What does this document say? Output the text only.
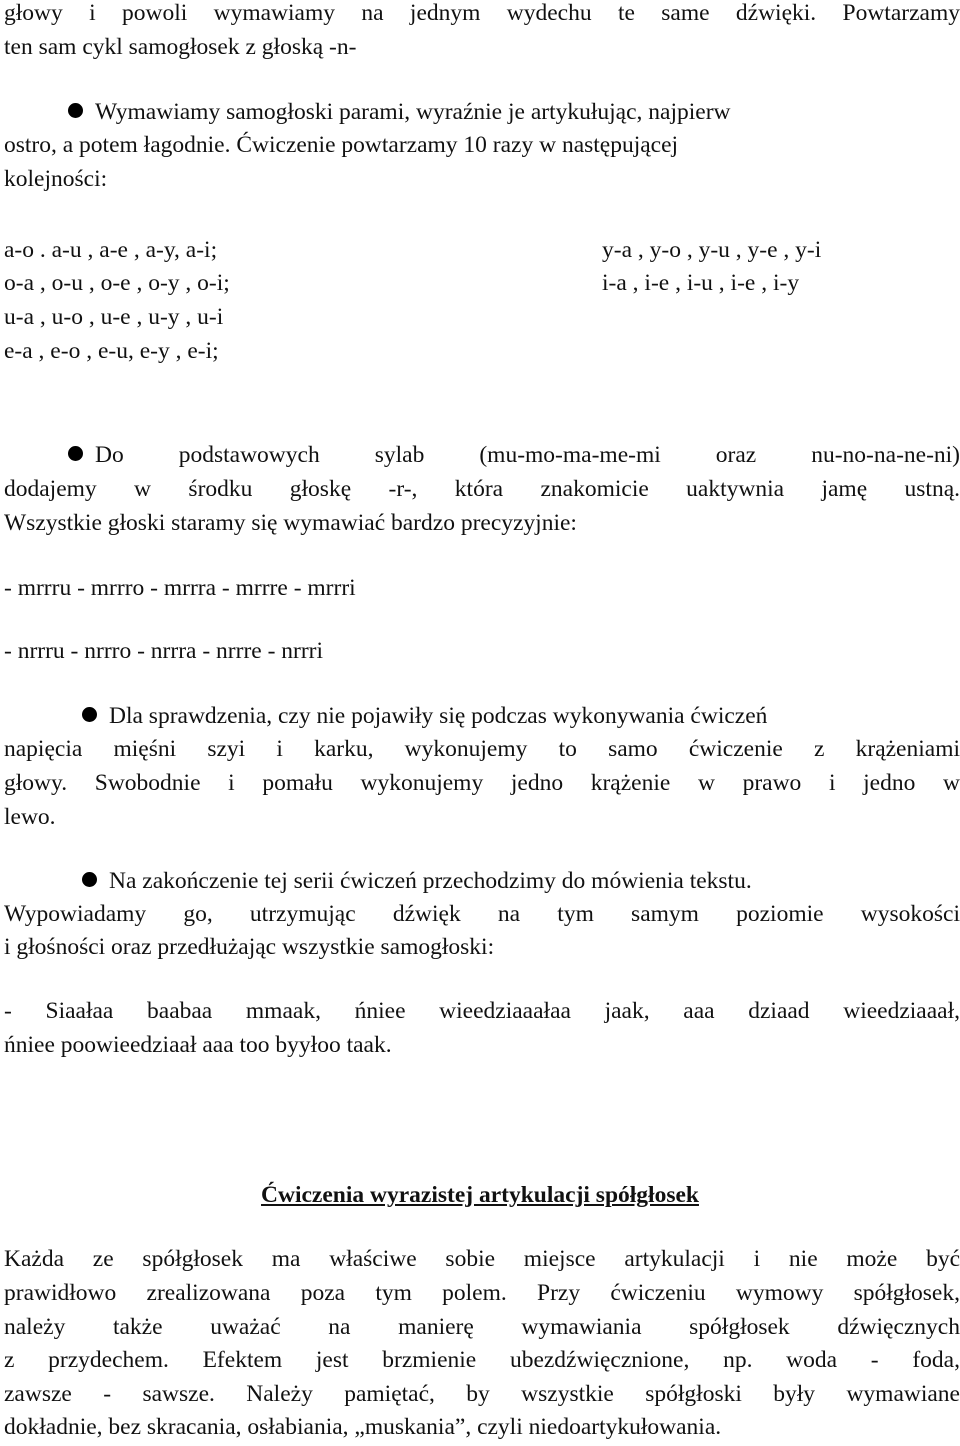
głowy i powoli wymawiamy na jednym wydechu te same dźwięki. Powtarzamy
ten sam cykl samogłosek z głoską -n-
Wymawiamy samogłoski parami, wyraźnie je artykułując, najpierw
ostro, a potem łagodnie. Ćwiczenie powtarzamy 10 razy w następującej
kolejności:
a-o . a-u , a-e , a-y, a-i;
o-a , o-u , o-e , o-y , o-i;
u-a , u-o , u-e , u-y , u-i
e-a , e-o , e-u, e-y , e-i;
y-a , y-o , y-u , y-e , y-i
i-a , i-e , i-u , i-e , i-y
Do podstawowych sylab (mu-mo-ma-me-mi oraz nu-no-na-ne-ni)
dodajemy w środku głoskę -r-, która znakomicie uaktywnia jamę ustną.
Wszystkie głoski staramy się wymawiać bardzo precyzyjnie:
- mrrru - mrrro - mrrra - mrrre - mrrri
- nrrru - nrrro - nrrra - nrrre - nrrri
Dla sprawdzenia, czy nie pojawiły się podczas wykonywania ćwiczeń
napięcia mięśni szyi i karku, wykonujemy to samo ćwiczenie z krążeniami
głowy. Swobodnie i pomału wykonujemy jedno krążenie w prawo i jedno w
lewo.
Na zakończenie tej serii ćwiczeń przechodzimy do mówienia tekstu.
Wypowiadamy go, utrzymując dźwięk na tym samym poziomie wysokości
i głośności oraz przedłużając wszystkie samogłoski:
- Siaałaa baabaa mmaak, ńniee wieedziaaałaa jaak, aaa dziaad wieedziaaał,
ńniee poowieedziaał aaa too byyłoo taak.
Ćwiczenia wyrazistej artykulacji spółgłosek
Każda ze spółgłosek ma właściwe sobie miejsce artykulacji i nie może być
prawidłowo zrealizowana poza tym polem. Przy ćwiczeniu wymowy spółgłosek,
należy także uważać na manierę wymawiania spółgłosek dźwięcznych
z przydechem. Efektem jest brzmienie ubezdźwięcznione, np. woda - foda,
zawsze - sawsze. Należy pamiętać, by wszystkie spółgłoski były wymawiane
dokładnie, bez skracania, osłabiania, „muskania”, czyli niedoartykułowania.
